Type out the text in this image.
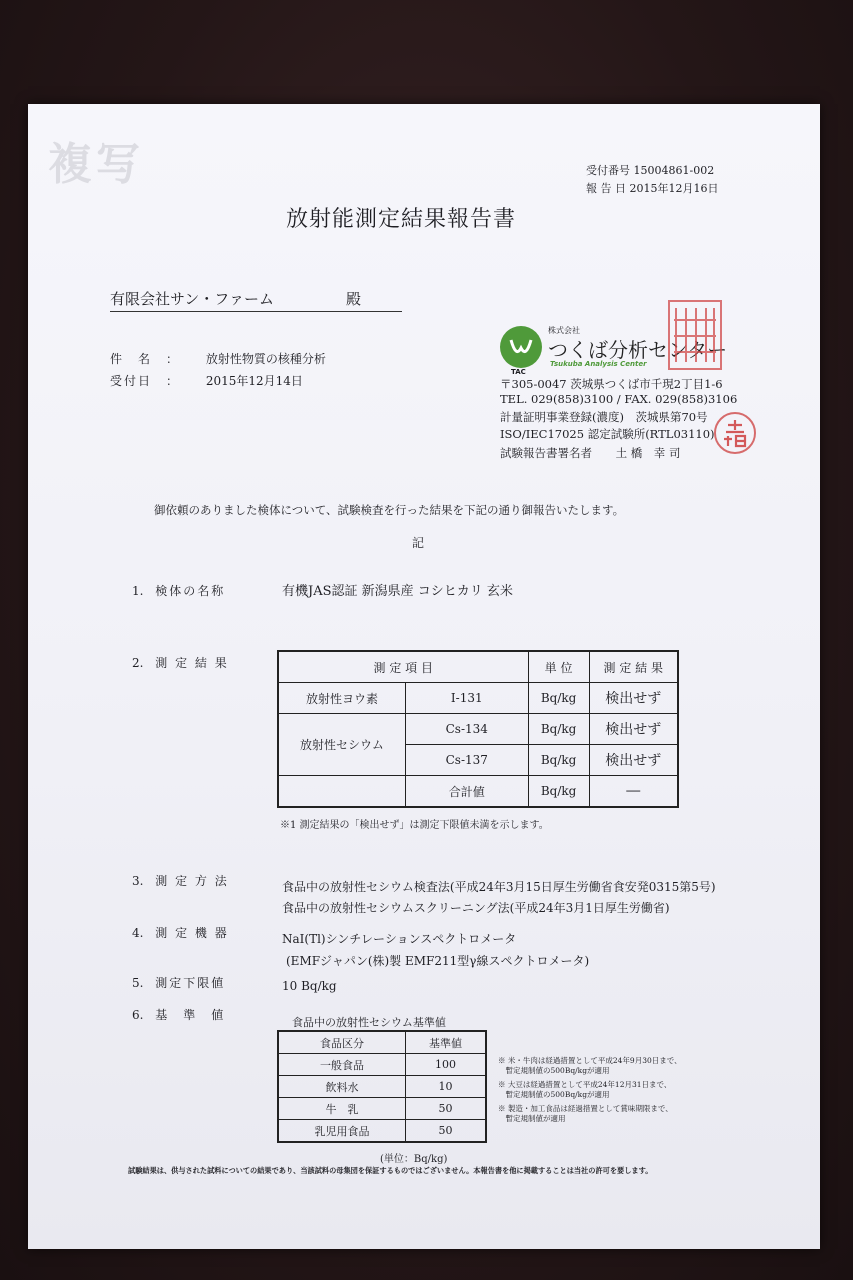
複写	受付番号 15004861-002
報 告 日 2015年12月16日
放射能測定結果報告書
有限会社サン・ファーム	殿
件　名　： 放射性物質の核種分析
受付日　： 2015年12月14日
TAC
株式会社
つくば分析センター
Tsukuba Analysis Center
〒305-0047 茨城県つくば市千現2丁目1-6
TEL. 029(858)3100 / FAX. 029(858)3106
計量証明事業登録(濃度)　茨城県第70号
ISO/IEC17025 認定試験所(RTL03110)
試験報告書署名者 土 橋　幸 司
御依頼のありました検体について、試験検査を行った結果を下記の通り御報告いたします。
記
1. 検体の名称	有機JAS認証 新潟県産 コシヒカリ 玄米
2. 測 定 結 果	測 定 項 目		単 位	測 定 結 果
放射性ヨウ素	I-131	Bq/kg	検出せず
放射性セシウム	Cs-134	Bq/kg	検出せず
	Cs-137	Bq/kg	検出せず
	合計値	Bq/kg	―
※1 測定結果の「検出せず」は測定下限値未満を示します。
3. 測 定 方 法	食品中の放射性セシウム検査法(平成24年3月15日厚生労働省食安発0315第5号)
食品中の放射性セシウムスクリーニング法(平成24年3月1日厚生労働省)
4. 測 定 機 器	NaI(Tl)シンチレーションスペクトロメータ
(EMFジャパン(株)製 EMF211型γ線スペクトロメータ)
5. 測定下限値	10 Bq/kg
6. 基　準　値
食品中の放射性セシウム基準値
食品区分	基準値
一般食品	100
飲料水	10
牛　乳	50
乳児用食品	50
(単位：Bq/kg)
※ 米・牛肉は経過措置として平成24年9月30日まで、
　暫定規制値の500Bq/kgが適用
※ 大豆は経過措置として平成24年12月31日まで、
　暫定規制値の500Bq/kgが適用
※ 製造・加工食品は経過措置として賞味期限まで、
　暫定規制値が適用
試験結果は、供与された試料についての結果であり、当該試料の母集団を保証するものではございません。本報告書を他に掲載することは当社の許可を要します。
